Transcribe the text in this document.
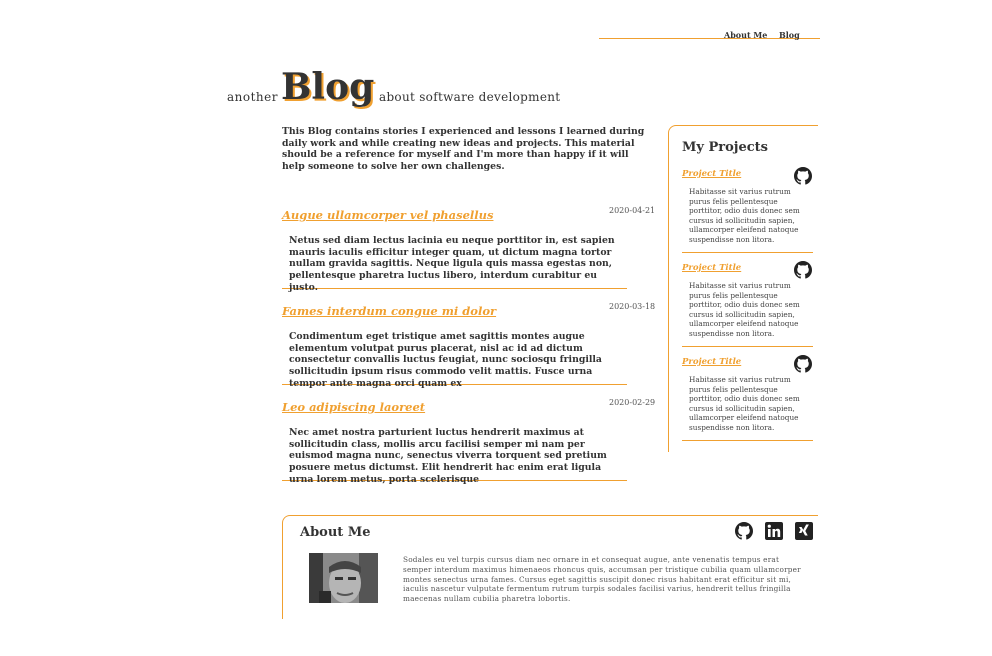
About Me Blog
another Blog about software development

This Blog contains stories I experienced and lessons I learned during daily work and while creating new ideas and projects. This material should be a reference for myself and I'm more than happy if it will help someone to solve her own challenges.

Augue ullamcorper vel phasellus	2020-04-21

Netus sed diam lectus lacinia eu neque porttitor in, est sapien mauris iaculis efficitur integer quam, ut dictum magna tortor nullam gravida sagittis. Neque ligula quis massa egestas non, pellentesque pharetra luctus libero, interdum curabitur eu justo.

Fames interdum congue mi dolor	2020-03-18

Condimentum eget tristique amet sagittis montes augue elementum volutpat purus placerat, nisl ac id ad dictum consectetur convallis luctus feugiat, nunc sociosqu fringilla sollicitudin ipsum risus commodo velit mattis. Fusce urna tempor ante magna orci quam ex

Leo adipiscing laoreet	2020-02-29

Nec amet nostra parturient luctus hendrerit maximus at sollicitudin class, mollis arcu facilisi semper mi nam per euismod magna nunc, senectus viverra torquent sed pretium posuere metus dictumst. Elit hendrerit hac enim erat ligula urna lorem metus, porta scelerisque

My Projects
Project Title

Habitasse sit varius rutrum purus felis pellentesque porttitor, odio duis donec sem cursus id sollicitudin sapien, ullamcorper eleifend natoque suspendisse non litora.

Project Title

Habitasse sit varius rutrum purus felis pellentesque porttitor, odio duis donec sem cursus id sollicitudin sapien, ullamcorper eleifend natoque suspendisse non litora.

Project Title

Habitasse sit varius rutrum purus felis pellentesque porttitor, odio duis donec sem cursus id sollicitudin sapien, ullamcorper eleifend natoque suspendisse non litora.

About Me

Sodales eu vel turpis cursus diam nec ornare in et consequat augue, ante venenatis tempus erat semper interdum maximus himenaeos rhoncus quis, accumsan per tristique cubilia quam ullamcorper montes senectus urna fames. Cursus eget sagittis suscipit donec risus habitant erat efficitur sit mi, iaculis nascetur vulputate fermentum rutrum turpis sodales facilisi varius, hendrerit tellus fringilla maecenas nullam cubilia pharetra lobortis.
